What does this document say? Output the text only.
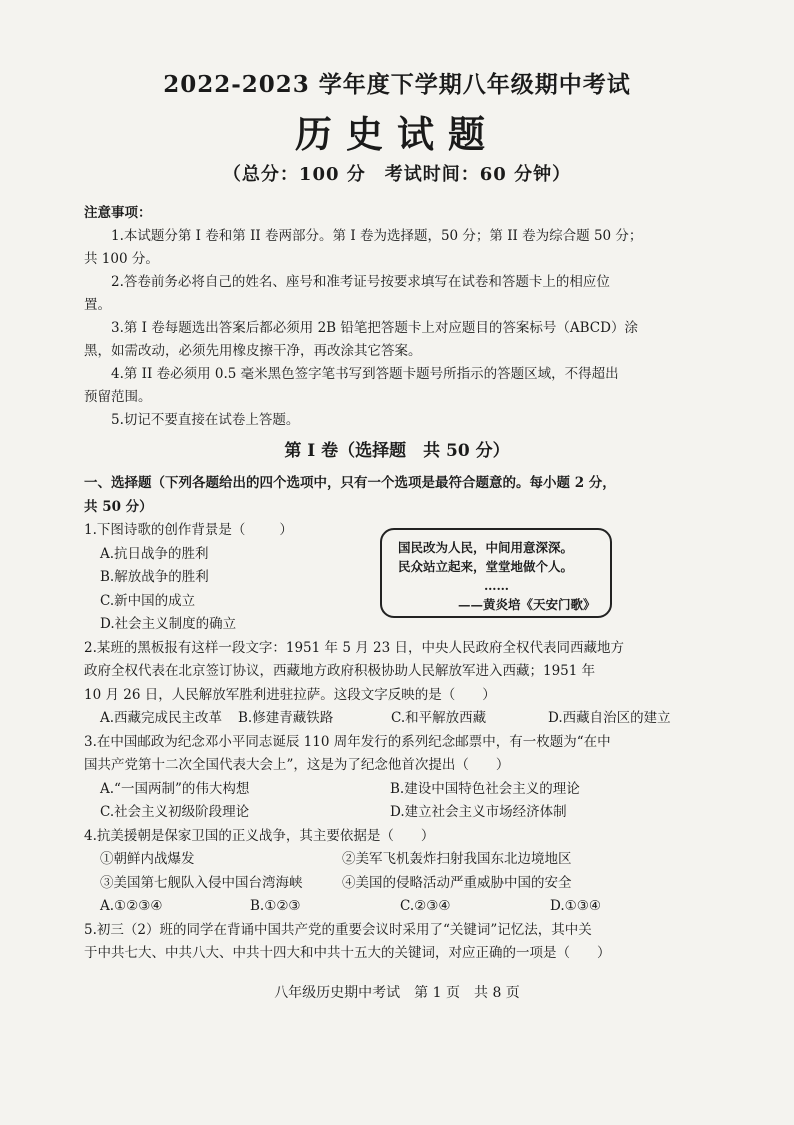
2022-2023 学年度下学期八年级期中考试
历史试题
（总分：100 分　考试时间：60 分钟）
注意事项：

1.本试题分第 I 卷和第 II 卷两部分。第 I 卷为选择题，50 分；第 II 卷为综合题 50 分；

共 100 分。

2.答卷前务必将自己的姓名、座号和准考证号按要求填写在试卷和答题卡上的相应位

置。

3.第 I 卷每题选出答案后都必须用 2B 铅笔把答题卡上对应题目的答案标号（ABCD）涂

黑，如需改动，必须先用橡皮擦干净，再改涂其它答案。

4.第 II 卷必须用 0.5 毫米黑色签字笔书写到答题卡题号所指示的答题区域，不得超出

预留范围。

5.切记不要直接在试卷上答题。

第 I 卷（选择题　共 50 分）

一、选择题（下列各题给出的四个选项中，只有一个选项是最符合题意的。每小题 2 分，

共 50 分）

1.下图诗歌的创作背景是（	）

A.抗日战争的胜利

B.解放战争的胜利

C.新中国的成立

D.社会主义制度的确立

2.某班的黑板报有这样一段文字：1951 年 5 月 23 日，中央人民政府全权代表同西藏地方

政府全权代表在北京签订协议，西藏地方政府积极协助人民解放军进入西藏；1951 年

10 月 26 日，人民解放军胜利进驻拉萨。这段文字反映的是（　　）

A.西藏完成民主改革	B.修建青藏铁路	C.和平解放西藏	D.西藏自治区的建立

3.在中国邮政为纪念邓小平同志诞辰 110 周年发行的系列纪念邮票中，有一枚题为“在中

国共产党第十二次全国代表大会上”，这是为了纪念他首次提出（　　）

A.“一国两制”的伟大构想	B.建设中国特色社会主义的理论
C.社会主义初级阶段理论	D.建立社会主义市场经济体制

4.抗美援朝是保家卫国的正义战争，其主要依据是（　　）

①朝鲜内战爆发	②美军飞机轰炸扫射我国东北边境地区
③美国第七舰队入侵中国台湾海峡	④美国的侵略活动严重威胁中国的安全
A.①②③④	B.①②③	C.②③④	D.①③④

5.初三（2）班的同学在背诵中国共产党的重要会议时采用了“关键词”记忆法，其中关

于中共七大、中共八大、中共十四大和中共十五大的关键词，对应正确的一项是（　　）

国民改为人民，中间用意深深。
民众站立起来，堂堂地做个人。
……
——黄炎培《天安门歌》
八年级历史期中考试　第 1 页　共 8 页
